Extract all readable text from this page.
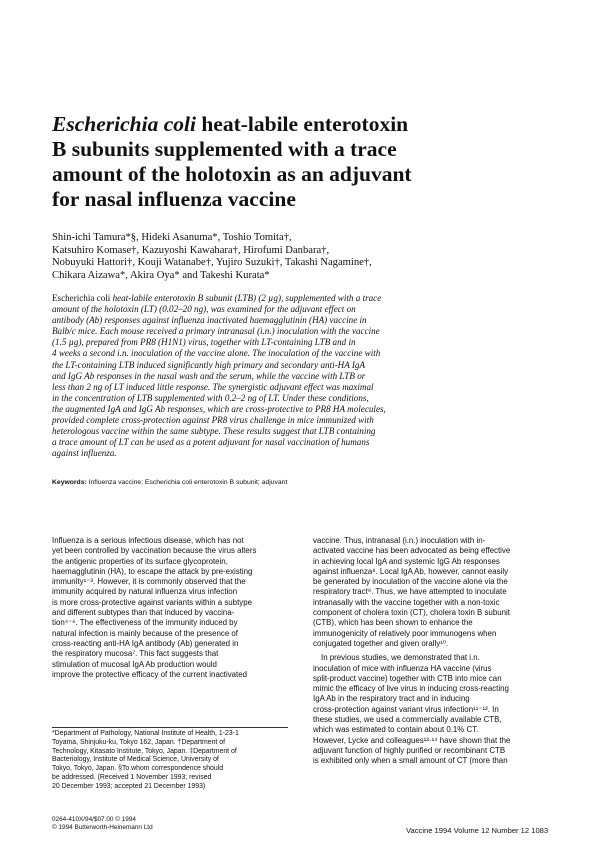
Escherichia coli heat-labile enterotoxin
B subunits supplemented with a trace
amount of the holotoxin as an adjuvant
for nasal influenza vaccine
Shin-ichi Tamura*§, Hideki Asanuma*, Toshio Tomita†,
Katsuhiro Komase†, Kazuyoshi Kawahara†, Hirofumi Danbara†,
Nobuyuki Hattori†, Kouji Watanabe†, Yujiro Suzuki†, Takashi Nagamine†,
Chikara Aizawa*, Akira Oya* and Takeshi Kurata*
Escherichia coli heat-labile enterotoxin B subunit (LTB) (2 µg), supplemented with a trace
amount of the holotoxin (LT) (0.02–20 ng), was examined for the adjuvant effect on
antibody (Ab) responses against influenza inactivated haemagglutinin (HA) vaccine in
Balb/c mice. Each mouse received a primary intranasal (i.n.) inoculation with the vaccine
(1.5 µg), prepared from PR8 (H1N1) virus, together with LT-containing LTB and in
4 weeks a second i.n. inoculation of the vaccine alone. The inoculation of the vaccine with
the LT-containing LTB induced significantly high primary and secondary anti-HA IgA
and IgG Ab responses in the nasal wash and the serum, while the vaccine with LTB or
less than 2 ng of LT induced little response. The synergistic adjuvant effect was maximal
in the concentration of LTB supplemented with 0.2–2 ng of LT. Under these conditions,
the augmented IgA and IgG Ab responses, which are cross-protective to PR8 HA molecules,
provided complete cross-protection against PR8 virus challenge in mice immunized with
heterologous vaccine within the same subtype. These results suggest that LTB containing
a trace amount of LT can be used as a potent adjuvant for nasal vaccination of humans
against influenza.
Keywords: Influenza vaccine; Escherichia coli enterotoxin B subunit; adjuvant
Influenza is a serious infectious disease, which has not
yet been controlled by vaccination because the virus alters
the antigenic properties of its surface glycoprotein,
haemagglutinin (HA), to escape the attack by pre-existing
immunity¹⁻³. However, it is commonly observed that the
immunity acquired by natural influenza virus infection
is more cross-protective against variants within a subtype
and different subtypes than that induced by vaccina-
tion⁴⁻⁶. The effectiveness of the immunity induced by
natural infection is mainly because of the presence of
cross-reacting anti-HA IgA antibody (Ab) generated in
the respiratory mucosa⁷. This fact suggests that
stimulation of mucosal IgA Ab production would
improve the protective efficacy of the current inactivated
*Department of Pathology, National Institute of Health, 1-23-1
Toyama, Shinjuku-ku, Tokyo 162, Japan. †Department of
Technology, Kitasato Institute, Tokyo, Japan. ‡Department of
Bacteriology, Institute of Medical Science, University of
Tokyo, Tokyo, Japan. §To whom correspondence should
be addressed. (Received 1 November 1993; revised
20 December 1993; accepted 21 December 1993)
vaccine. Thus, intranasal (i.n.) inoculation with in-
activated vaccine has been advocated as being effective
in achieving local IgA and systemic IgG Ab responses
against influenza⁸. Local IgA Ab, however, cannot easily
be generated by inoculation of the vaccine alone via the
respiratory tract⁹. Thus, we have attempted to inoculate
intranasally with the vaccine together with a non-toxic
component of cholera toxin (CT), cholera toxin B subunit
(CTB), which has been shown to enhance the
immunogenicity of relatively poor immunogens when
conjugated together and given orally¹⁰.
In previous studies, we demonstrated that i.n.
inoculation of mice with influenza HA vaccine (virus
split-product vaccine) together with CTB into mice can
mimic the efficacy of live virus in inducing cross-reacting
IgA Ab in the respiratory tract and in inducing
cross-protection against variant virus infection¹¹⁻¹². In
these studies, we used a commercially available CTB,
which was estimated to contain about 0.1% CT.
However, Lycke and colleagues¹³·¹⁴ have shown that the
adjuvant function of highly purified or recombinant CTB
is exhibited only when a small amount of CT (more than
0264-410X/94/$07.00 © 1994
© 1994 Butterworth-Heinemann Ltd	Vaccine 1994 Volume 12 Number 12 1083
